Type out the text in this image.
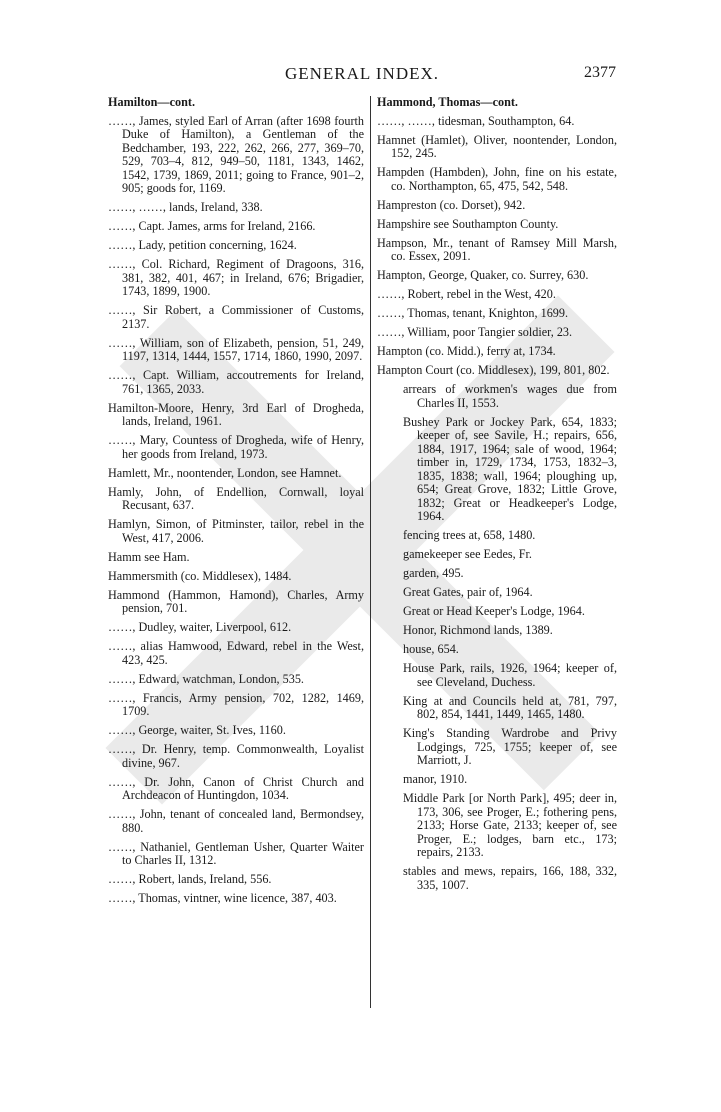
GENERAL INDEX.	2377
Hamilton—cont.

……, James, styled Earl of Arran (after 1698 fourth Duke of Hamilton), a Gentleman of the Bedchamber, 193, 222, 262, 266, 277, 369–70, 529, 703–4, 812, 949–50, 1181, 1343, 1462, 1542, 1739, 1869, 2011; going to France, 901–2, 905; goods for, 1169.

……, ……, lands, Ireland, 338.

……, Capt. James, arms for Ireland, 2166.

……, Lady, petition concerning, 1624.

……, Col. Richard, Regiment of Dragoons, 316, 381, 382, 401, 467; in Ireland, 676; Brigadier, 1743, 1899, 1900.

……, Sir Robert, a Commissioner of Customs, 2137.

……, William, son of Elizabeth, pension, 51, 249, 1197, 1314, 1444, 1557, 1714, 1860, 1990, 2097.

……, Capt. William, accoutrements for Ireland, 761, 1365, 2033.

Hamilton-Moore, Henry, 3rd Earl of Drogheda, lands, Ireland, 1961.

……, Mary, Countess of Drogheda, wife of Henry, her goods from Ireland, 1973.

Hamlett, Mr., noontender, London, see Hamnet.

Hamly, John, of Endellion, Cornwall, loyal Recusant, 637.

Hamlyn, Simon, of Pitminster, tailor, rebel in the West, 417, 2006.

Hamm see Ham.

Hammersmith (co. Middlesex), 1484.

Hammond (Hammon, Hamond), Charles, Army pension, 701.

……, Dudley, waiter, Liverpool, 612.

……, alias Hamwood, Edward, rebel in the West, 423, 425.

……, Edward, watchman, London, 535.

……, Francis, Army pension, 702, 1282, 1469, 1709.

……, George, waiter, St. Ives, 1160.

……, Dr. Henry, temp. Commonwealth, Loyalist divine, 967.

……, Dr. John, Canon of Christ Church and Archdeacon of Huntingdon, 1034.

……, John, tenant of concealed land, Bermondsey, 880.

……, Nathaniel, Gentleman Usher, Quarter Waiter to Charles II, 1312.

……, Robert, lands, Ireland, 556.

……, Thomas, vintner, wine licence, 387, 403.

Hammond, Thomas—cont.

……, ……, tidesman, Southampton, 64.

Hamnet (Hamlet), Oliver, noontender, London, 152, 245.

Hampden (Hambden), John, fine on his estate, co. Northampton, 65, 475, 542, 548.

Hampreston (co. Dorset), 942.

Hampshire see Southampton County.

Hampson, Mr., tenant of Ramsey Mill Marsh, co. Essex, 2091.

Hampton, George, Quaker, co. Surrey, 630.

……, Robert, rebel in the West, 420.

……, Thomas, tenant, Knighton, 1699.

……, William, poor Tangier soldier, 23.

Hampton (co. Midd.), ferry at, 1734.

Hampton Court (co. Middlesex), 199, 801, 802.

arrears of workmen's wages due from Charles II, 1553.

Bushey Park or Jockey Park, 654, 1833; keeper of, see Savile, H.; repairs, 656, 1884, 1917, 1964; sale of wood, 1964; timber in, 1729, 1734, 1753, 1832–3, 1835, 1838; wall, 1964; ploughing up, 654; Great Grove, 1832; Little Grove, 1832; Great or Headkeeper's Lodge, 1964.

fencing trees at, 658, 1480.

gamekeeper see Eedes, Fr.

garden, 495.

Great Gates, pair of, 1964.

Great or Head Keeper's Lodge, 1964.

Honor, Richmond lands, 1389.

house, 654.

House Park, rails, 1926, 1964; keeper of, see Cleveland, Duchess.

King at and Councils held at, 781, 797, 802, 854, 1441, 1449, 1465, 1480.

King's Standing Wardrobe and Privy Lodgings, 725, 1755; keeper of, see Marriott, J.

manor, 1910.

Middle Park [or North Park], 495; deer in, 173, 306, see Proger, E.; fothering pens, 2133; Horse Gate, 2133; keeper of, see Proger, E.; lodges, barn etc., 173; repairs, 2133.

stables and mews, repairs, 166, 188, 332, 335, 1007.
